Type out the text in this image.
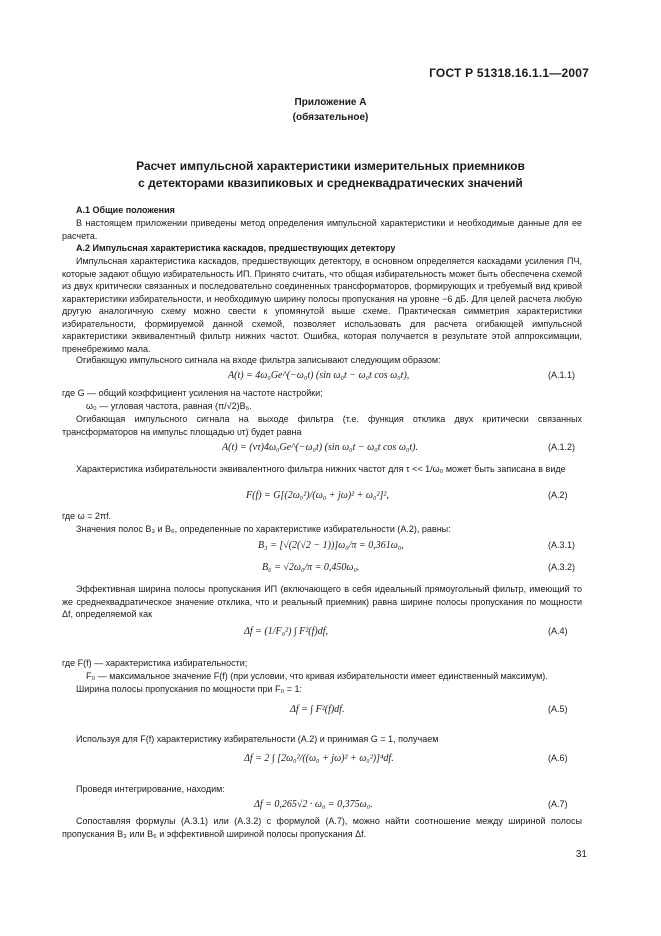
ГОСТ Р 51318.16.1.1—2007
Приложение А
(обязательное)
Расчет импульсной характеристики измерительных приемников
с детекторами квазипиковых и среднеквадратических значений
А.1 Общие положения
В настоящем приложении приведены метод определения импульсной характеристики и необходимые данные для ее расчета.
А.2 Импульсная характеристика каскадов, предшествующих детектору
Импульсная характеристика каскадов, предшествующих детектору, в основном определяется каскадами усиления ПЧ, которые задают общую избирательность ИП. Принято считать, что общая избирательность может быть обеспечена схемой из двух критически связанных и последовательно соединенных трансформаторов, формирующих и требуемый вид кривой характеристики избирательности, и необходимую ширину полосы пропускания на уровне −6 дБ. Для целей расчета любую другую аналогичную схему можно свести к упомянутой выше схеме. Практическая симметрия характеристики избирательности, формируемой данной схемой, позволяет использовать для расчета огибающей импульсной характеристики эквивалентный фильтр нижних частот. Ошибка, которая получается в результате этой аппроксимации, пренебрежимо мала.
Огибающую импульсного сигнала на входе фильтра записывают следующим образом:
A(t) = 4ω₀Ge^(−ω₀t) (sin ω₀t − ω₀t cos ω₀t),	(А.1.1)
где G — общий коэффициент усиления на частоте настройки;
ω₀ — угловая частота, равная (π/√2)B₆.
Огибающая импульсного сигнала на выходе фильтра (т.е. функция отклика двух критически связанных трансформаторов на импульс площадью υτ) будет равна
A(t) = (vτ)4ω₀Ge^(−ω₀t) (sin ω₀t − ω₀t cos ω₀t).	(А.1.2)
Характеристика избирательности эквивалентного фильтра нижних частот для τ << 1/ω₀ может быть записана в виде
F(f) = G[(2ω₀²)/(ω₀ + jω)² + ω₀²]²,	(А.2)
где ω = 2πf.
Значения полос B₃ и B₆, определенные по характеристике избирательности (А.2), равны:
B₃ = [√(2(√2 − 1))]ω₀/π = 0,361ω₀,	(А.3.1)
B₆ = √2ω₀/π = 0,450ω₀.	(А.3.2)
Эффективная ширина полосы пропускания ИП (включающего в себя идеальный прямоугольный фильтр, имеющий то же среднеквадратическое значение отклика, что и реальный приемник) равна ширине полосы пропускания по мощности Δf, определяемой как
Δf = (1/F₀²) ∫ F²(f)df,	(А.4)
где F(f) — характеристика избирательности;
F₀ — максимальное значение F(f) (при условии, что кривая избирательности имеет единственный максимум).
Ширина полосы пропускания по мощности при F₀ = 1:
Δf = ∫ F²(f)df.	(А.5)
Используя для F(f) характеристику избирательности (А.2) и принимая G = 1, получаем
Δf = 2 ∫ [2ω₀²/((ω₀ + jω)² + ω₀²)]⁴df.	(А.6)
Проведя интегрирование, находим:
Δf = 0,265√2 · ω₀ = 0,375ω₀.	(А.7)
Сопоставляя формулы (А.3.1) или (А.3.2) с формулой (А.7), можно найти соотношение между шириной полосы пропускания B₃ или B₆ и эффективной шириной полосы пропускания Δf.
31
